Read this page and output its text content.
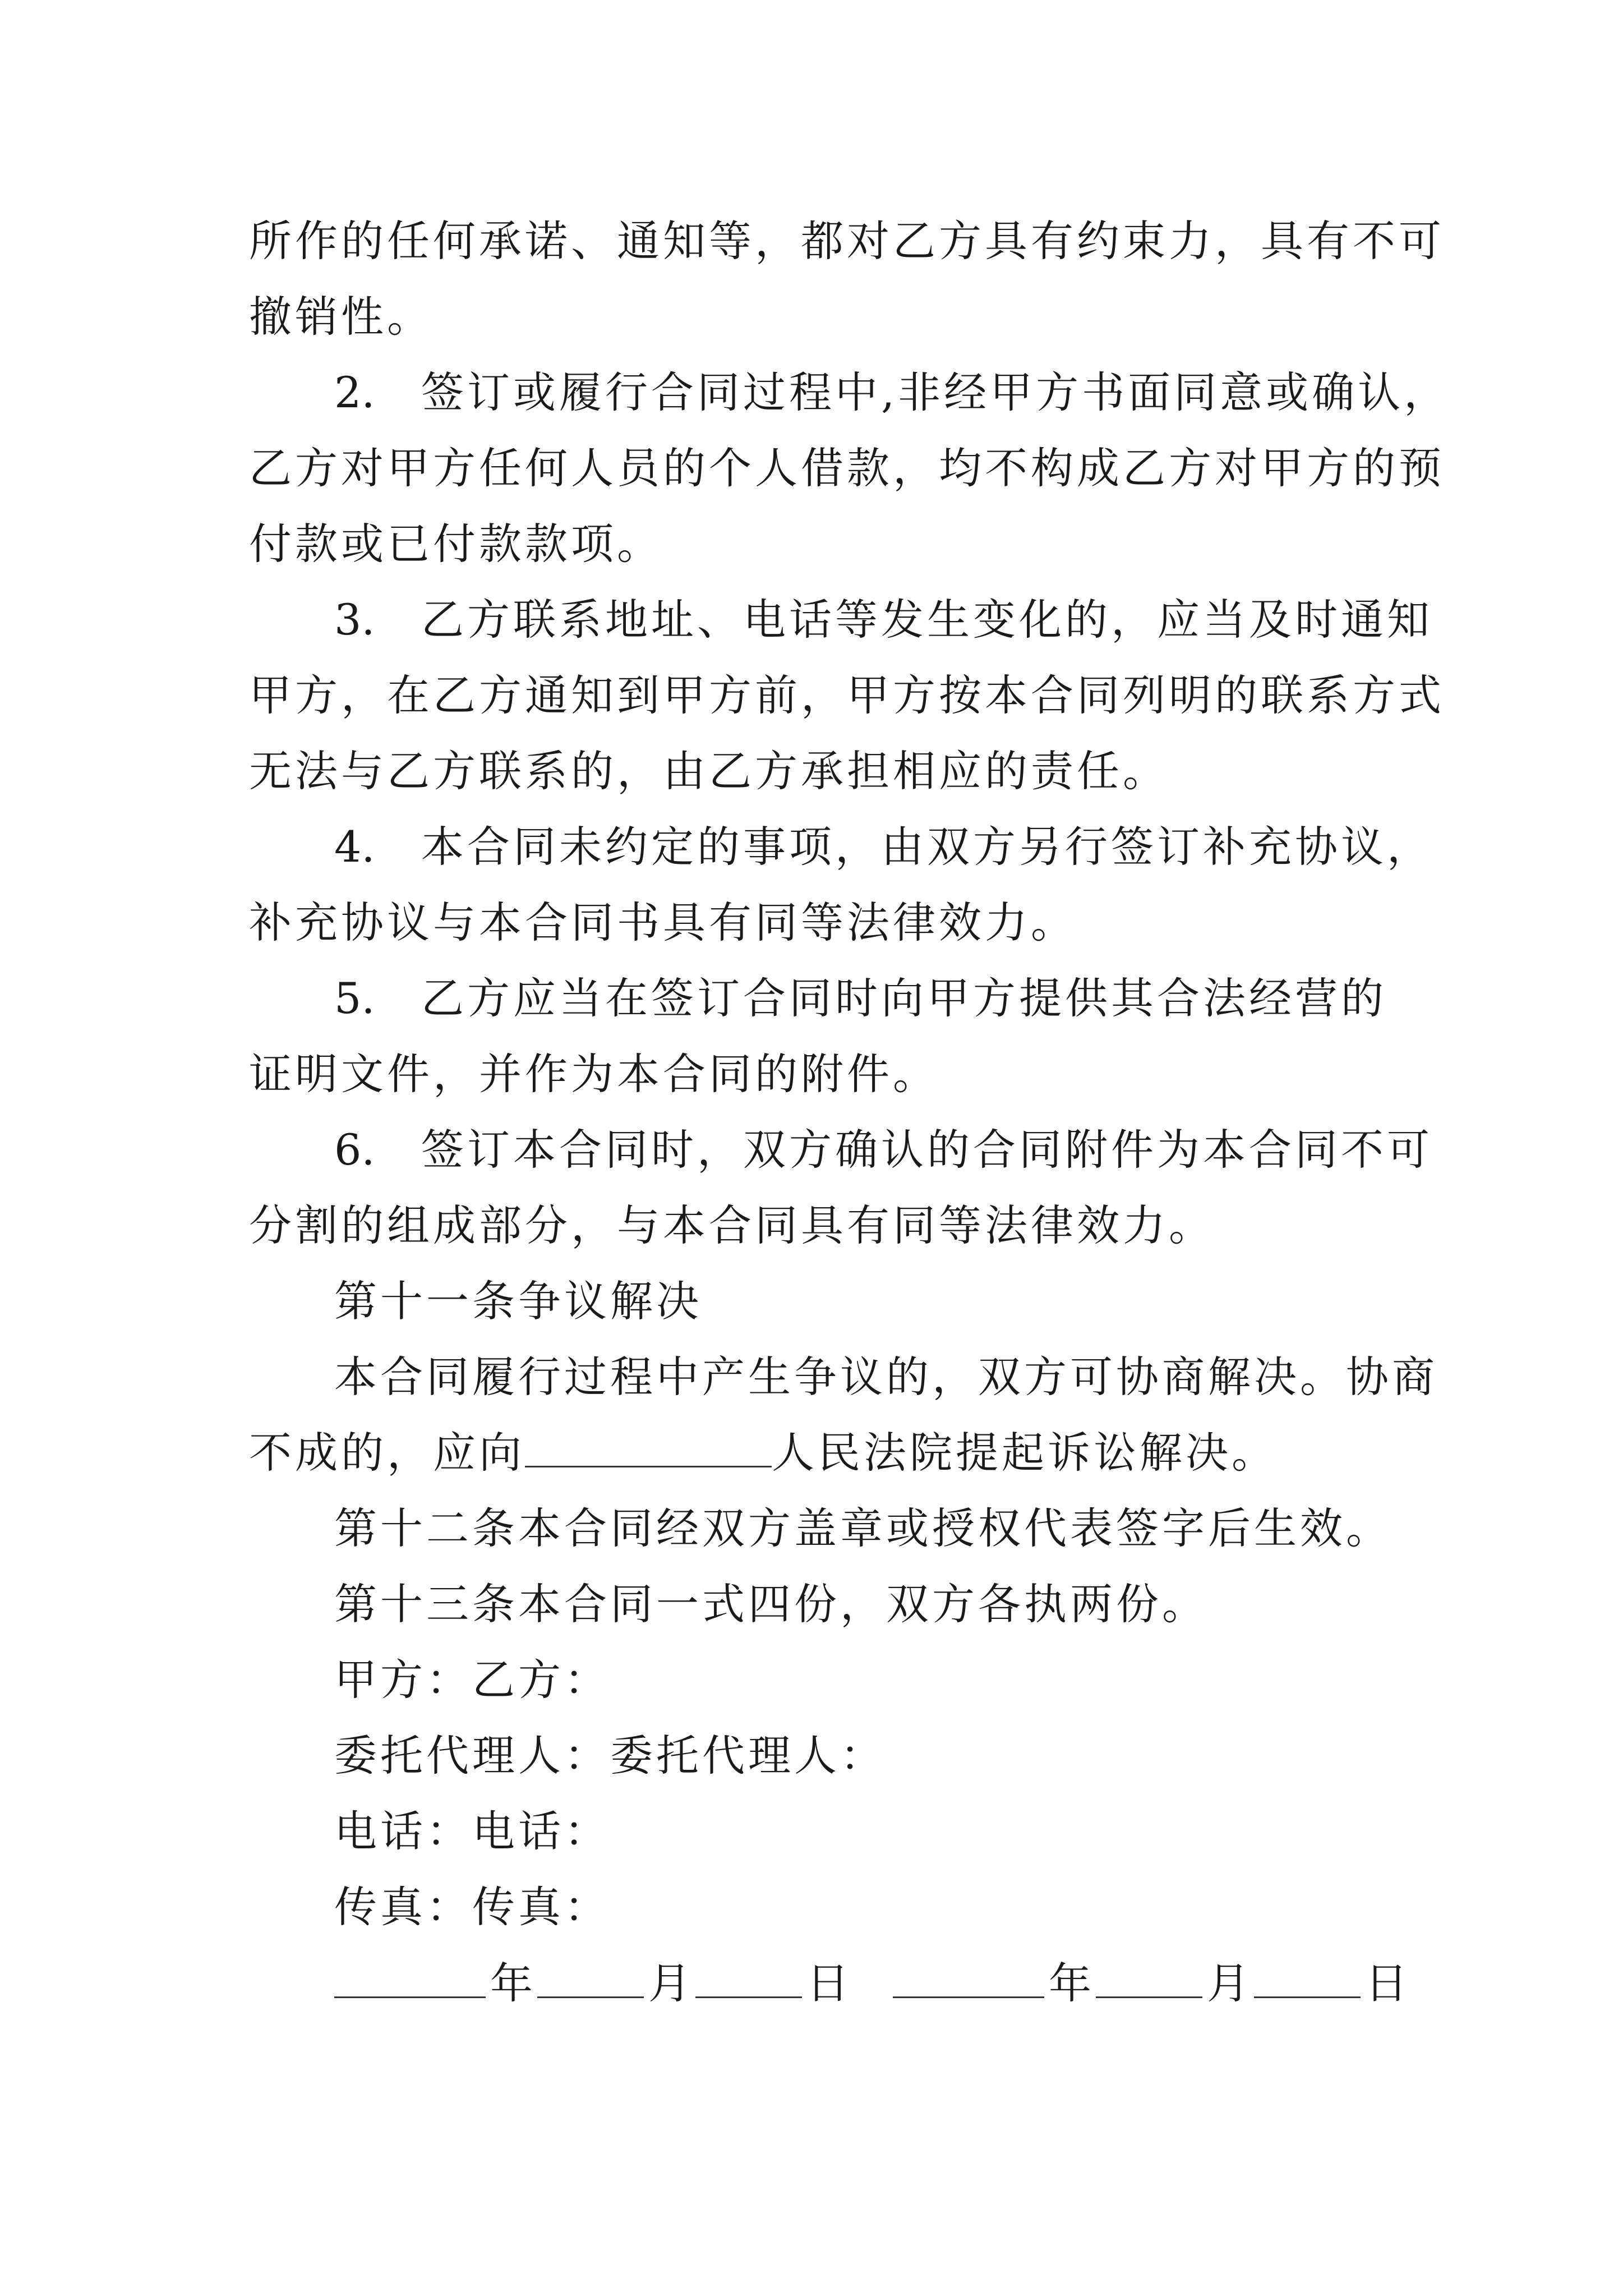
所作的任何承诺、通知等，都对乙方具有约束力，具有不可
撤销性。
2. 签订或履行合同过程中,非经甲方书面同意或确认，
乙方对甲方任何人员的个人借款，均不构成乙方对甲方的预
付款或已付款款项。
3. 乙方联系地址、电话等发生变化的，应当及时通知
甲方，在乙方通知到甲方前，甲方按本合同列明的联系方式
无法与乙方联系的，由乙方承担相应的责任。
4. 本合同未约定的事项，由双方另行签订补充协议，
补充协议与本合同书具有同等法律效力。
5. 乙方应当在签订合同时向甲方提供其合法经营的
证明文件，并作为本合同的附件。
6. 签订本合同时，双方确认的合同附件为本合同不可
分割的组成部分，与本合同具有同等法律效力。
第十一条争议解决
本合同履行过程中产生争议的，双方可协商解决。协商
不成的，应向	人民法院提起诉讼解决。
第十二条本合同经双方盖章或授权代表签字后生效。
第十三条本合同一式四份，双方各执两份。
甲方：乙方：
委托代理人：委托代理人：
电话：电话：
传真：传真：
年	月	日	年	月	日
